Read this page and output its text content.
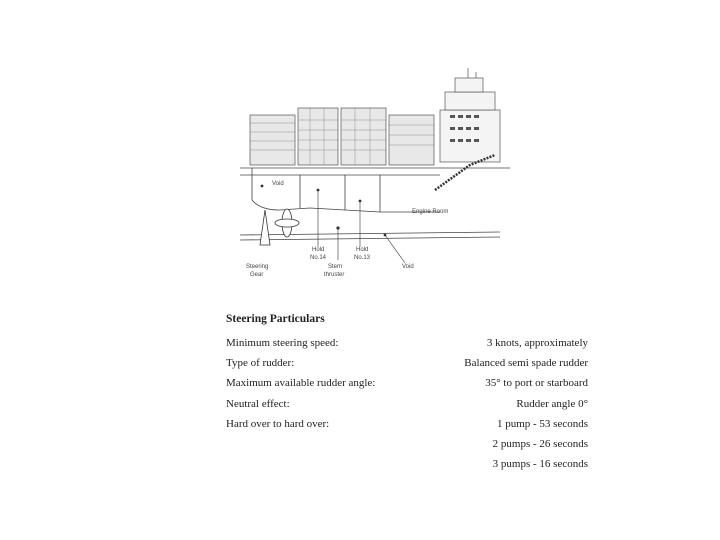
Void
Engine Room
Hold
No.14
Hold
No.13
Stern
thruster
Void
Steering
Gear
Steering Particulars
Minimum steering speed:	3 knots, approximately
Type of rudder:	Balanced semi spade rudder
Maximum available rudder angle:	35° to port or starboard
Neutral effect:	Rudder angle 0°
Hard over to hard over:	1 pump - 53 seconds
2 pumps - 26 seconds
3 pumps - 16 seconds
